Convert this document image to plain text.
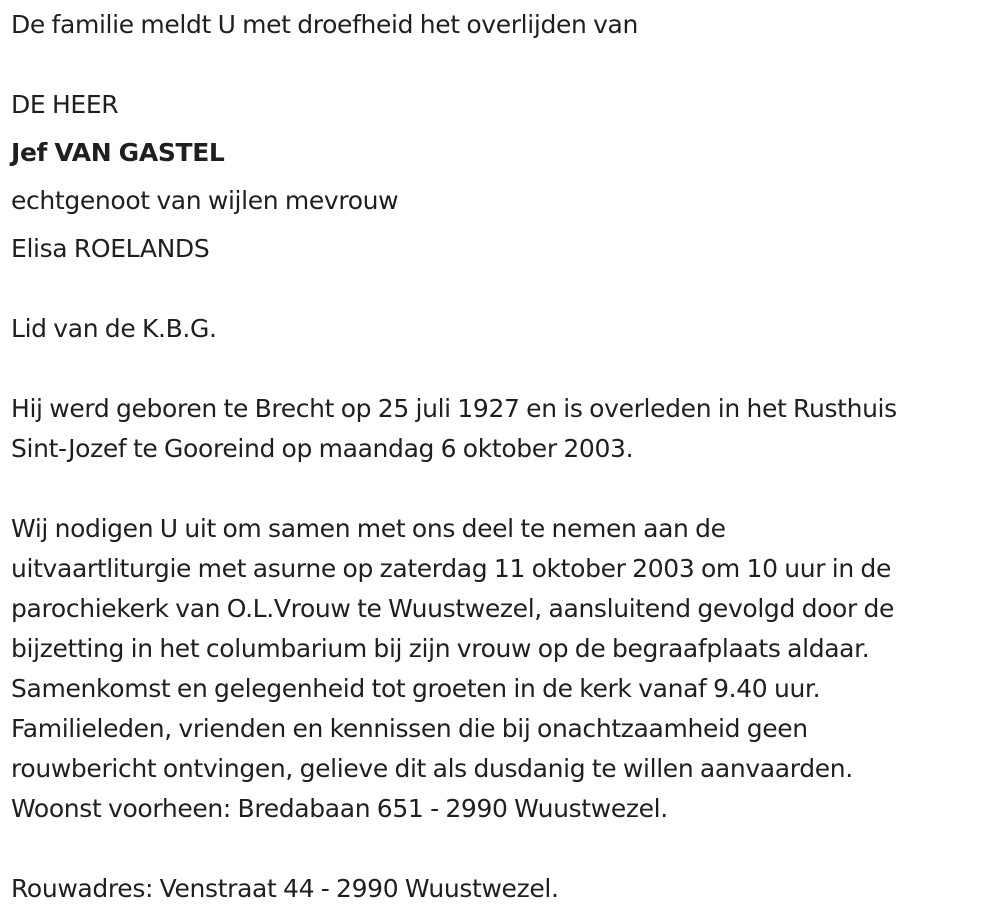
De familie meldt U met droefheid het overlijden van
DE HEER
Jef VAN GASTEL
echtgenoot van wijlen mevrouw
Elisa ROELANDS
Lid van de K.B.G.
Hij werd geboren te Brecht op 25 juli 1927 en is overleden in het Rusthuis
Sint-Jozef te Gooreind op maandag 6 oktober 2003.
Wij nodigen U uit om samen met ons deel te nemen aan de
uitvaartliturgie met asurne op zaterdag 11 oktober 2003 om 10 uur in de
parochiekerk van O.L.Vrouw te Wuustwezel, aansluitend gevolgd door de
bijzetting in het columbarium bij zijn vrouw op de begraafplaats aldaar.
Samenkomst en gelegenheid tot groeten in de kerk vanaf 9.40 uur.
Familieleden, vrienden en kennissen die bij onachtzaamheid geen
rouwbericht ontvingen, gelieve dit als dusdanig te willen aanvaarden.
Woonst voorheen: Bredabaan 651 - 2990 Wuustwezel.
Rouwadres: Venstraat 44 - 2990 Wuustwezel.
